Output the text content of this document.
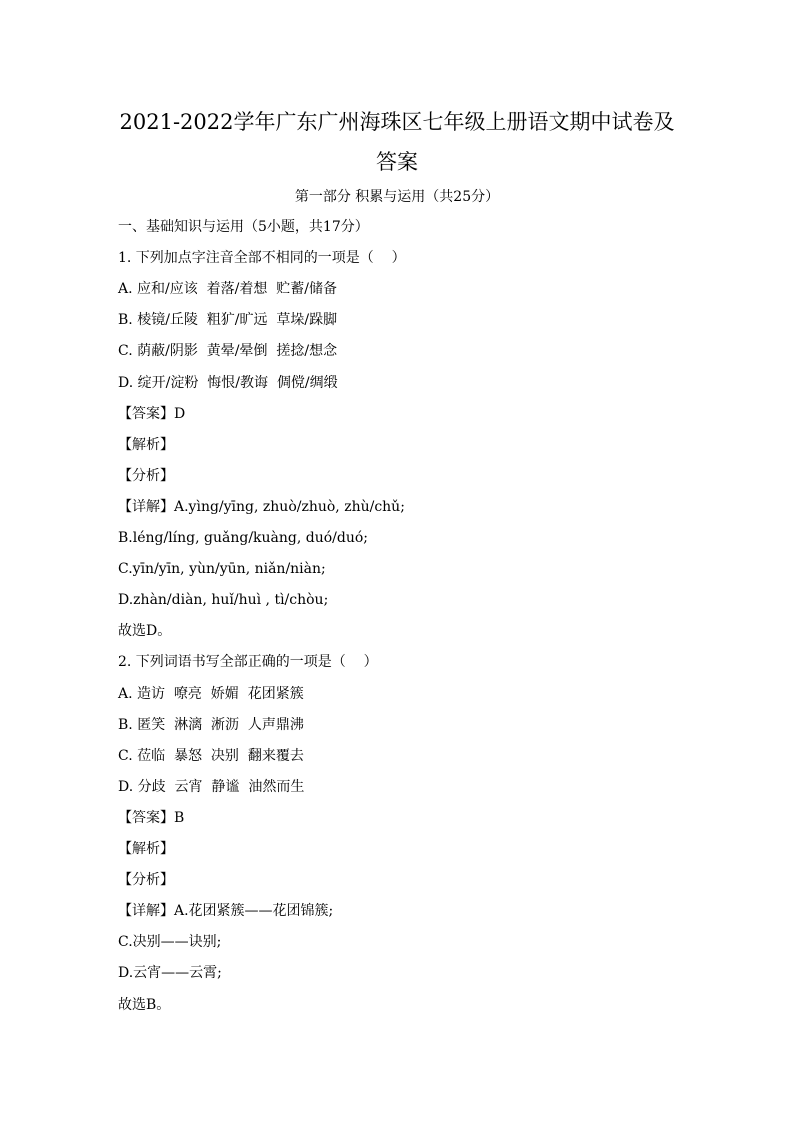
2021-2022学年广东广州海珠区七年级上册语文期中试卷及
答案
第一部分 积累与运用（共25分）
一、基础知识与运用（5小题，共17分）
1. 下列加点字注音全部不相同的一项是（    ）
A. 应和/应该  着落/着想  贮蓄/储备
B. 棱镜/丘陵  粗犷/旷远  草垛/跺脚
C. 荫蔽/阴影  黄晕/晕倒  搓捻/想念
D. 绽开/淀粉  悔恨/教诲  倜傥/绸缎
【答案】D
【解析】
【分析】
【详解】A.yìng/yīng, zhuò/zhuò, zhù/chǔ;
B.léng/líng, guǎng/kuàng, duó/duó;
C.yīn/yīn, yùn/yūn, niǎn/niàn;
D.zhàn/diàn, huǐ/huì , tì/chòu;
故选D。
2. 下列词语书写全部正确的一项是（    ）
A. 造访  嘹亮  娇媚  花团紧簇
B. 匿笑  淋漓  淅沥  人声鼎沸
C. 莅临  暴怒  决别  翻来覆去
D. 分歧  云宵  静谧  油然而生
【答案】B
【解析】
【分析】
【详解】A.花团紧簇——花团锦簇;
C.决别——诀别;
D.云宵——云霄;
故选B。
